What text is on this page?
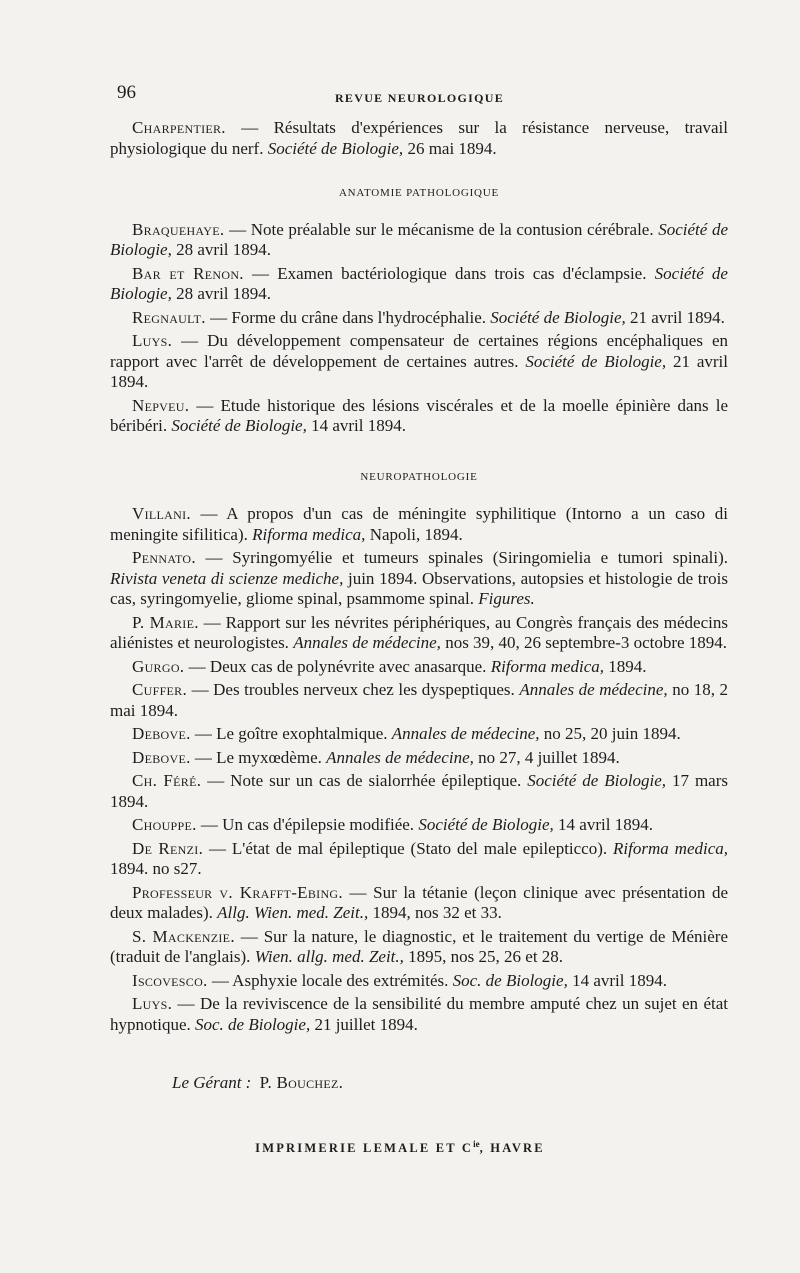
96	REVUE NEUROLOGIQUE

Charpentier. — Résultats d'expériences sur la résistance nerveuse, travail physiologique du nerf. Société de Biologie, 26 mai 1894.

ANATOMIE PATHOLOGIQUE

Braquehaye. — Note préalable sur le mécanisme de la contusion cérébrale. Société de Biologie, 28 avril 1894.

Bar et Renon. — Examen bactériologique dans trois cas d'éclampsie. Société de Biologie, 28 avril 1894.

Regnault. — Forme du crâne dans l'hydrocéphalie. Société de Biologie, 21 avril 1894.

Luys. — Du développement compensateur de certaines régions encéphaliques en rapport avec l'arrêt de développement de certaines autres. Société de Biologie, 21 avril 1894.

Nepveu. — Etude historique des lésions viscérales et de la moelle épinière dans le béribéri. Société de Biologie, 14 avril 1894.

NEUROPATHOLOGIE

Villani. — A propos d'un cas de méningite syphilitique (Intorno a un caso di meningite sifilitica). Riforma medica, Napoli, 1894.

Pennato. — Syringomyélie et tumeurs spinales (Siringomielia e tumori spinali). Rivista veneta di scienze mediche, juin 1894. Observations, autopsies et histologie de trois cas, syringomyelie, gliome spinal, psammome spinal. Figures.

P. Marie. — Rapport sur les névrites périphériques, au Congrès français des médecins aliénistes et neurologistes. Annales de médecine, nos 39, 40, 26 septembre-3 octobre 1894.

Gurgo. — Deux cas de polynévrite avec anasarque. Riforma medica, 1894.

Cuffer. — Des troubles nerveux chez les dyspeptiques. Annales de médecine, no 18, 2 mai 1894.

Debove. — Le goître exophtalmique. Annales de médecine, no 25, 20 juin 1894.

Debove. — Le myxœdème. Annales de médecine, no 27, 4 juillet 1894.

Ch. Féré. — Note sur un cas de sialorrhée épileptique. Société de Biologie, 17 mars 1894.

Chouppe. — Un cas d'épilepsie modifiée. Société de Biologie, 14 avril 1894.

De Renzi. — L'état de mal épileptique (Stato del male epilepticco). Riforma medica, 1894. no s27.

Professeur v. Krafft-Ebing. — Sur la tétanie (leçon clinique avec présentation de deux malades). Allg. Wien. med. Zeit., 1894, nos 32 et 33.

S. Mackenzie. — Sur la nature, le diagnostic, et le traitement du vertige de Ménière (traduit de l'anglais). Wien. allg. med. Zeit., 1895, nos 25, 26 et 28.

Iscovesco. — Asphyxie locale des extrémités. Soc. de Biologie, 14 avril 1894.

Luys. — De la reviviscence de la sensibilité du membre amputé chez un sujet en état hypnotique. Soc. de Biologie, 21 juillet 1894.

Le Gérant : P. Bouchez.
IMPRIMERIE LEMALE ET $C^{ie}$, HAVRE
